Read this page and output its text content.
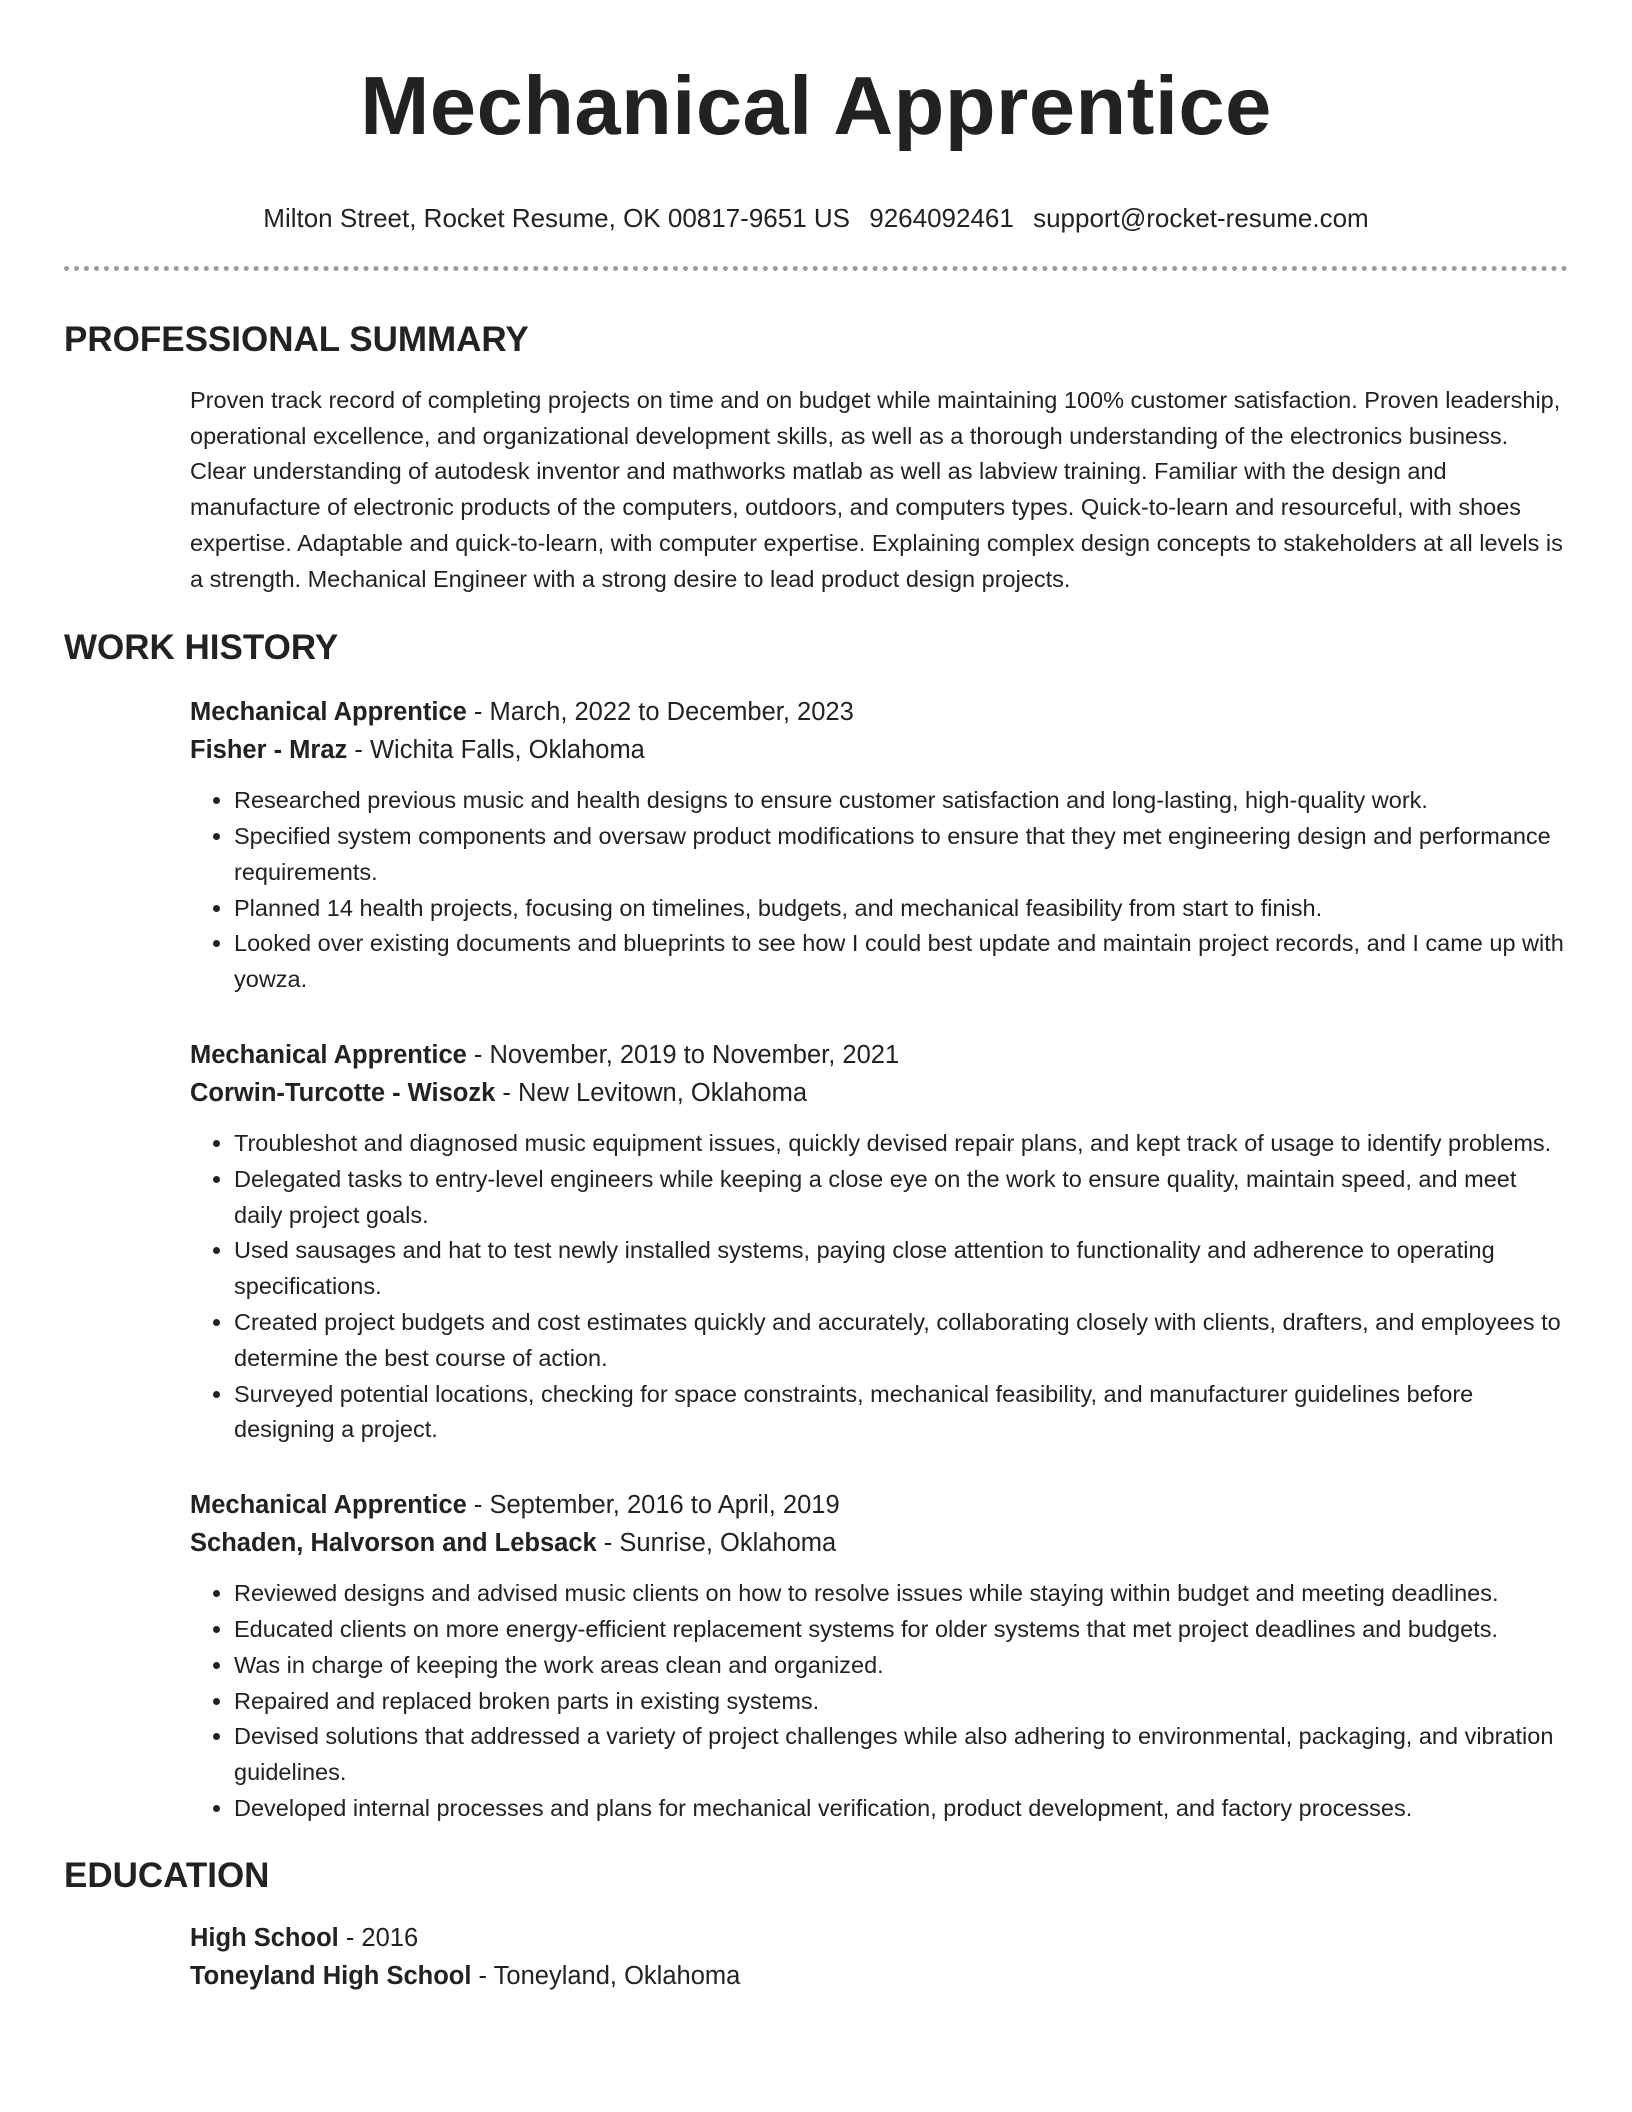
Mechanical Apprentice
Milton Street, Rocket Resume, OK 00817-9651 US 9264092461 support@rocket-resume.com
PROFESSIONAL SUMMARY

Proven track record of completing projects on time and on budget while maintaining 100% customer satisfaction. Proven leadership, operational excellence, and organizational development skills, as well as a thorough understanding of the electronics business. Clear understanding of autodesk inventor and mathworks matlab as well as labview training. Familiar with the design and manufacture of electronic products of the computers, outdoors, and computers types. Quick-to-learn and resourceful, with shoes expertise. Adaptable and quick-to-learn, with computer expertise. Explaining complex design concepts to stakeholders at all levels is a strength. Mechanical Engineer with a strong desire to lead product design projects.

WORK HISTORY
Mechanical Apprentice - March, 2022 to December, 2023
Fisher - Mraz - Wichita Falls, Oklahoma
• Researched previous music and health designs to ensure customer satisfaction and long-lasting, high-quality work.
• Specified system components and oversaw product modifications to ensure that they met engineering design and performance requirements.
• Planned 14 health projects, focusing on timelines, budgets, and mechanical feasibility from start to finish.
• Looked over existing documents and blueprints to see how I could best update and maintain project records, and I came up with yowza.
Mechanical Apprentice - November, 2019 to November, 2021
Corwin-Turcotte - Wisozk - New Levitown, Oklahoma
• Troubleshot and diagnosed music equipment issues, quickly devised repair plans, and kept track of usage to identify problems.
• Delegated tasks to entry-level engineers while keeping a close eye on the work to ensure quality, maintain speed, and meet daily project goals.
• Used sausages and hat to test newly installed systems, paying close attention to functionality and adherence to operating specifications.
• Created project budgets and cost estimates quickly and accurately, collaborating closely with clients, drafters, and employees to determine the best course of action.
• Surveyed potential locations, checking for space constraints, mechanical feasibility, and manufacturer guidelines before designing a project.
Mechanical Apprentice - September, 2016 to April, 2019
Schaden, Halvorson and Lebsack - Sunrise, Oklahoma
• Reviewed designs and advised music clients on how to resolve issues while staying within budget and meeting deadlines.
• Educated clients on more energy-efficient replacement systems for older systems that met project deadlines and budgets.
• Was in charge of keeping the work areas clean and organized.
• Repaired and replaced broken parts in existing systems.
• Devised solutions that addressed a variety of project challenges while also adhering to environmental, packaging, and vibration guidelines.
• Developed internal processes and plans for mechanical verification, product development, and factory processes.
EDUCATION
High School - 2016
Toneyland High School - Toneyland, Oklahoma
